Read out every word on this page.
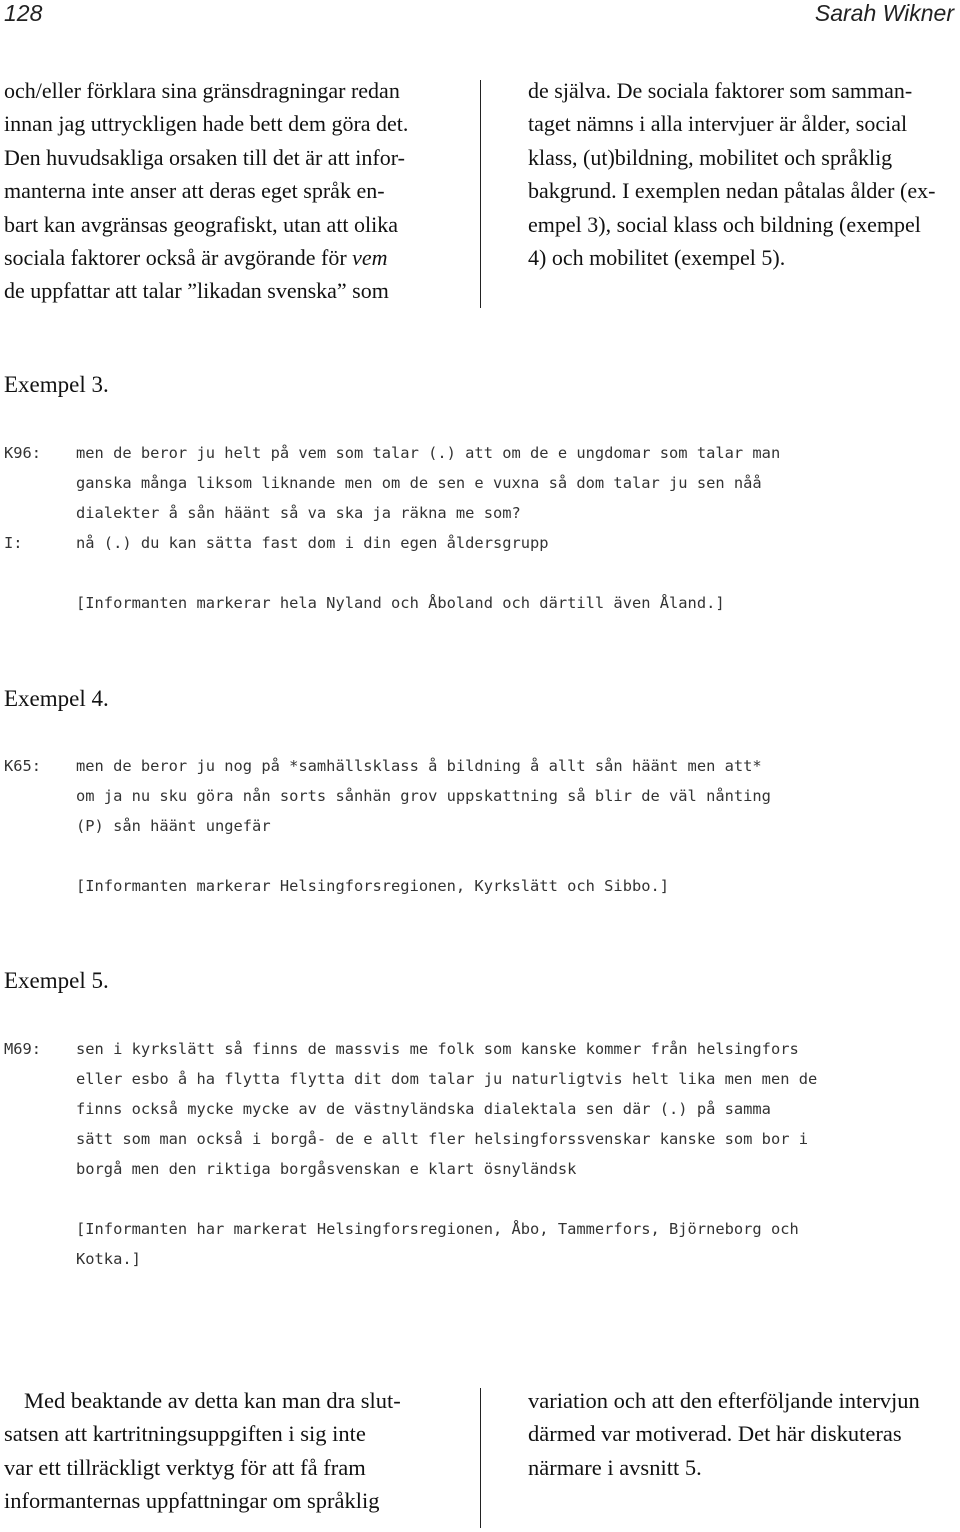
128	Sarah Wikner

och/eller förklara sina gränsdragningar redan

innan jag uttryckligen hade bett dem göra det.

Den huvudsakliga orsaken till det är att infor-

manterna inte anser att deras eget språk en-

bart kan avgränsas geografiskt, utan att olika

sociala faktorer också är avgörande för vem

de uppfattar att talar ”likadan svenska” som

de själva. De sociala faktorer som samman-

taget nämns i alla intervjuer är ålder, social

klass, (ut)bildning, mobilitet och språklig

bakgrund. I exemplen nedan påtalas ålder (ex-

empel 3), social klass och bildning (exempel

4) och mobilitet (exempel 5).

Exempel 3.
K96: men de beror ju helt på vem som talar (.) att om de e ungdomar som talar man
ganska många liksom liknande men om de sen e vuxna så dom talar ju sen nåå
dialekter å sån häänt så va ska ja räkna me som?
I:	nå (.) du kan sätta fast dom i din egen åldersgrupp
[Informanten markerar hela Nyland och Åboland och därtill även Åland.]
Exempel 4.
K65: men de beror ju nog på *samhällsklass å bildning å allt sån häänt men att*
om ja nu sku göra nån sorts sånhän grov uppskattning så blir de väl nånting
(P) sån häänt ungefär
[Informanten markerar Helsingforsregionen, Kyrkslätt och Sibbo.]
Exempel 5.
M69: sen i kyrkslätt så finns de massvis me folk som kanske kommer från helsingfors
eller esbo å ha flytta flytta dit dom talar ju naturligtvis helt lika men men de
finns också mycke mycke av de västnyländska dialektala sen där (.) på samma
sätt som man också i borgå- de e allt fler helsingforssvenskar kanske som bor i
borgå men den riktiga borgåsvenskan e klart ösnyländsk
[Informanten har markerat Helsingforsregionen, Åbo, Tammerfors, Björneborg och
Kotka.]

Med beaktande av detta kan man dra slut-

satsen att kartritningsuppgiften i sig inte

var ett tillräckligt verktyg för att få fram

informanternas uppfattningar om språklig

variation och att den efterföljande intervjun

därmed var motiverad. Det här diskuteras

närmare i avsnitt 5.
